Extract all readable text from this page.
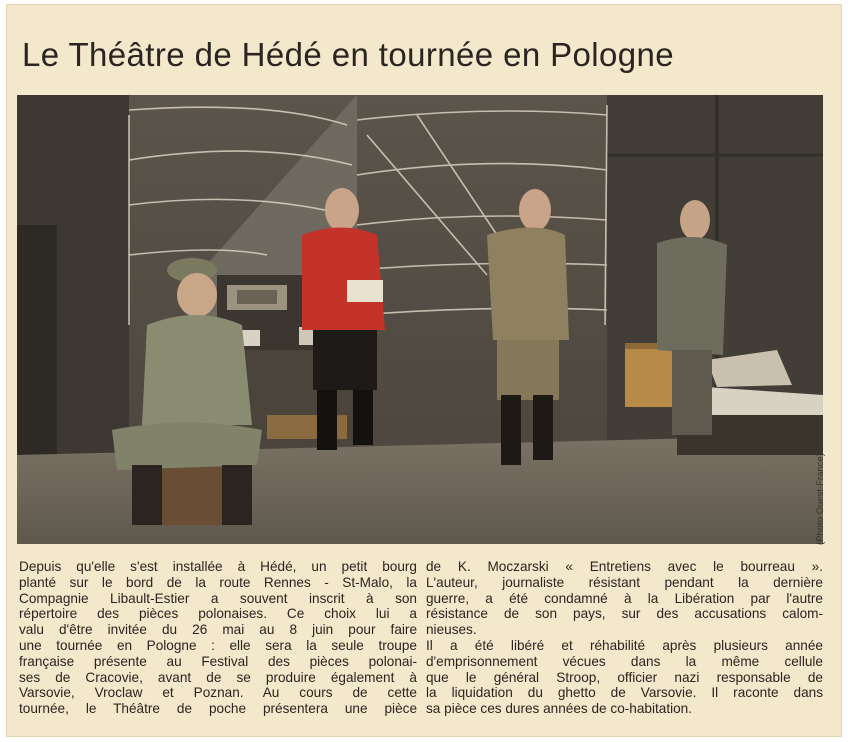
Le Théâtre de Hédé en tournée en Pologne
(Photo Ouest-France)
Depuis qu'elle s'est installée à Hédé, un petit bourg
planté sur le bord de la route Rennes - St-Malo, la
Compagnie Libault-Estier a souvent inscrit à son
répertoire des pièces polonaises. Ce choix lui a
valu d'être invitée du 26 mai au 8 juin pour faire
une tournée en Pologne : elle sera la seule troupe
française présente au Festival des pièces polonai-
ses de Cracovie, avant de se produire également à
Varsovie, Vroclaw et Poznan. Au cours de cette
tournée, le Théâtre de poche présentera une pièce
de K. Moczarski « Entretiens avec le bourreau ».
L'auteur, journaliste résistant pendant la dernière
guerre, a été condamné à la Libération par l'autre
résistance de son pays, sur des accusations calom-
nieuses.
Il a été libéré et réhabilité après plusieurs année
d'emprisonnement vécues dans la même cellule
que le général Stroop, officier nazi responsable de
la liquidation du ghetto de Varsovie. Il raconte dans
sa pièce ces dures années de co-habitation.
